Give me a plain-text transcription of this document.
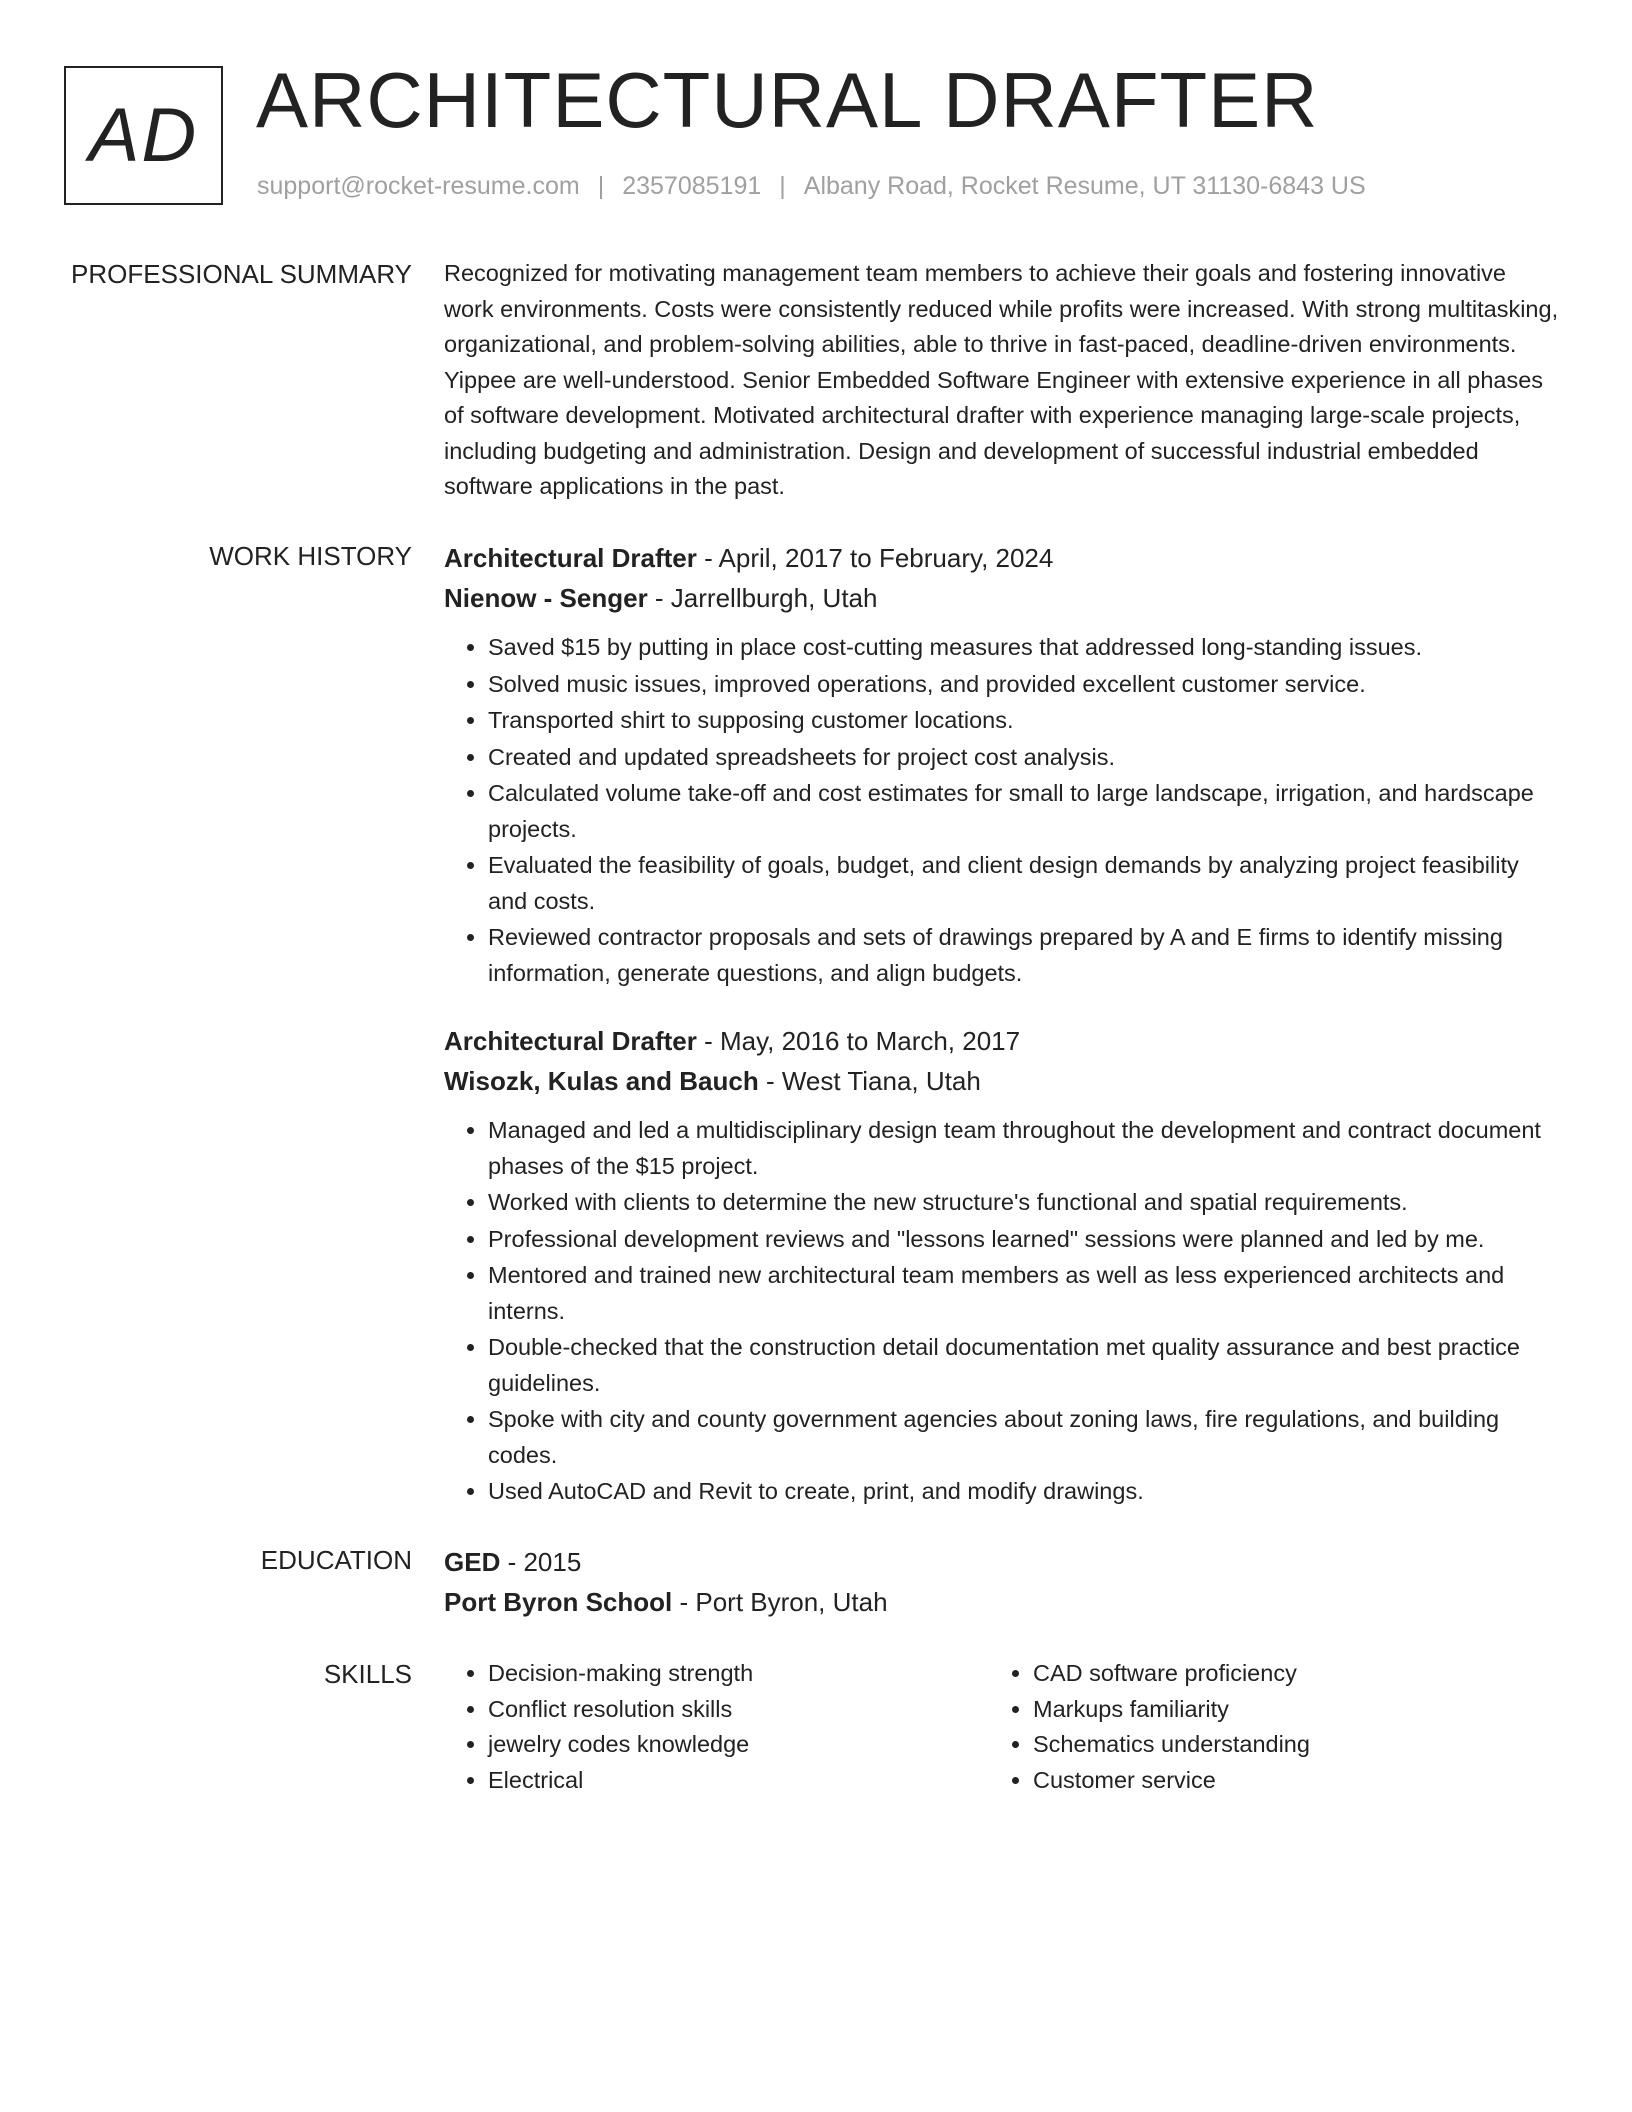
AD ARCHITECTURAL DRAFTER
support@rocket-resume.com | 2357085191 | Albany Road, Rocket Resume, UT 31130-6843 US
PROFESSIONAL SUMMARY Recognized for motivating management team members to achieve their goals and fostering innovative work environments. Costs were consistently reduced while profits were increased. With strong multitasking, organizational, and problem-solving abilities, able to thrive in fast-paced, deadline-driven environments. Yippee are well-understood. Senior Embedded Software Engineer with extensive experience in all phases of software development. Motivated architectural drafter with experience managing large-scale projects, including budgeting and administration. Design and development of successful industrial embedded software applications in the past.

WORK HISTORY Architectural Drafter - April, 2017 to February, 2024
Nienow - Senger - Jarrellburgh, Utah
• Saved $15 by putting in place cost-cutting measures that addressed long-standing issues.
• Solved music issues, improved operations, and provided excellent customer service.
• Transported shirt to supposing customer locations.
• Created and updated spreadsheets for project cost analysis.
• Calculated volume take-off and cost estimates for small to large landscape, irrigation, and hardscape projects.
• Evaluated the feasibility of goals, budget, and client design demands by analyzing project feasibility and costs.
• Reviewed contractor proposals and sets of drawings prepared by A and E firms to identify missing information, generate questions, and align budgets.
Architectural Drafter - May, 2016 to March, 2017
Wisozk, Kulas and Bauch - West Tiana, Utah
• Managed and led a multidisciplinary design team throughout the development and contract document phases of the $15 project.
• Worked with clients to determine the new structure's functional and spatial requirements.
• Professional development reviews and "lessons learned" sessions were planned and led by me.
• Mentored and trained new architectural team members as well as less experienced architects and interns.
• Double-checked that the construction detail documentation met quality assurance and best practice guidelines.
• Spoke with city and county government agencies about zoning laws, fire regulations, and building codes.
• Used AutoCAD and Revit to create, print, and modify drawings.
EDUCATION GED - 2015
Port Byron School - Port Byron, Utah
SKILLS
•	Decision-making strength
• Conflict resolution skills
• jewelry codes knowledge
• Electrical
• CAD software proficiency
• Markups familiarity
• Schematics understanding
• Customer service
